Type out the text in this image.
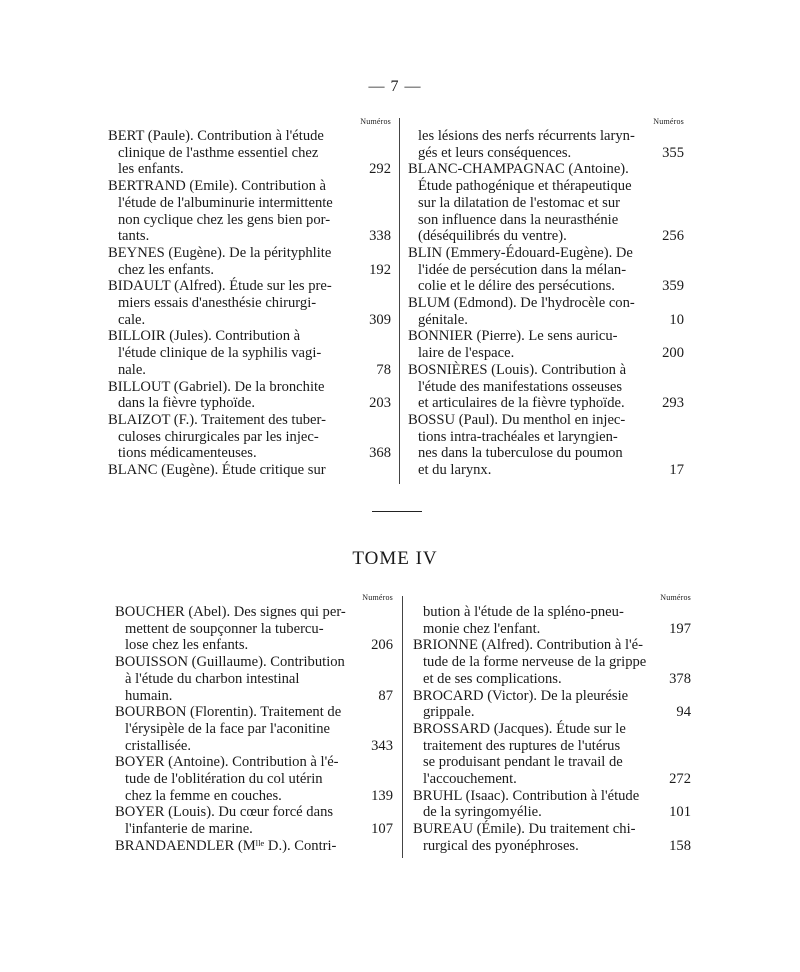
— 7 —
Numéros
BERT (Paule). Contribution à l'étude
clinique de l'asthme essentiel chez
les enfants.	292
BERTRAND (Emile). Contribution à
l'étude de l'albuminurie intermittente
non cyclique chez les gens bien por-
tants.	338
BEYNES (Eugène). De la pérityphlite
chez les enfants.	192
BIDAULT (Alfred). Étude sur les pre-
miers essais d'anesthésie chirurgi-
cale.	309
BILLOIR (Jules). Contribution à
l'étude clinique de la syphilis vagi-
nale.	78
BILLOUT (Gabriel). De la bronchite
dans la fièvre typhoïde.	203
BLAIZOT (F.). Traitement des tuber-
culoses chirurgicales par les injec-
tions médicamenteuses.	368
BLANC (Eugène). Étude critique sur
Numéros
les lésions des nerfs récurrents laryn-
gés et leurs conséquences.	355
BLANC-CHAMPAGNAC (Antoine).
Étude pathogénique et thérapeutique
sur la dilatation de l'estomac et sur
son influence dans la neurasthénie
(déséquilibrés du ventre).	256
BLIN (Emmery-Édouard-Eugène). De
l'idée de persécution dans la mélan-
colie et le délire des persécutions.	359
BLUM (Edmond). De l'hydrocèle con-
génitale.	10
BONNIER (Pierre). Le sens auricu-
laire de l'espace.	200
BOSNIÈRES (Louis). Contribution à
l'étude des manifestations osseuses
et articulaires de la fièvre typhoïde.	293
BOSSU (Paul). Du menthol en injec-
tions intra-trachéales et laryngien-
nes dans la tuberculose du poumon
et du larynx.	17
TOME IV
Numéros
BOUCHER (Abel). Des signes qui per-
mettent de soupçonner la tubercu-
lose chez les enfants.	206
BOUISSON (Guillaume). Contribution
à l'étude du charbon intestinal
humain.	87
BOURBON (Florentin). Traitement de
l'érysipèle de la face par l'aconitine
cristallisée.	343
BOYER (Antoine). Contribution à l'é-
tude de l'oblitération du col utérin
chez la femme en couches.	139
BOYER (Louis). Du cœur forcé dans
l'infanterie de marine.	107
BRANDAENDLER (Mˡˡᵉ D.). Contri-
Numéros
bution à l'étude de la spléno-pneu-
monie chez l'enfant.	197
BRIONNE (Alfred). Contribution à l'é-
tude de la forme nerveuse de la grippe
et de ses complications.	378
BROCARD (Victor). De la pleurésie
grippale.	94
BROSSARD (Jacques). Étude sur le
traitement des ruptures de l'utérus
se produisant pendant le travail de
l'accouchement.	272
BRUHL (Isaac). Contribution à l'étude
de la syringomyélie.	101
BUREAU (Émile). Du traitement chi-
rurgical des pyonéphroses.	158
